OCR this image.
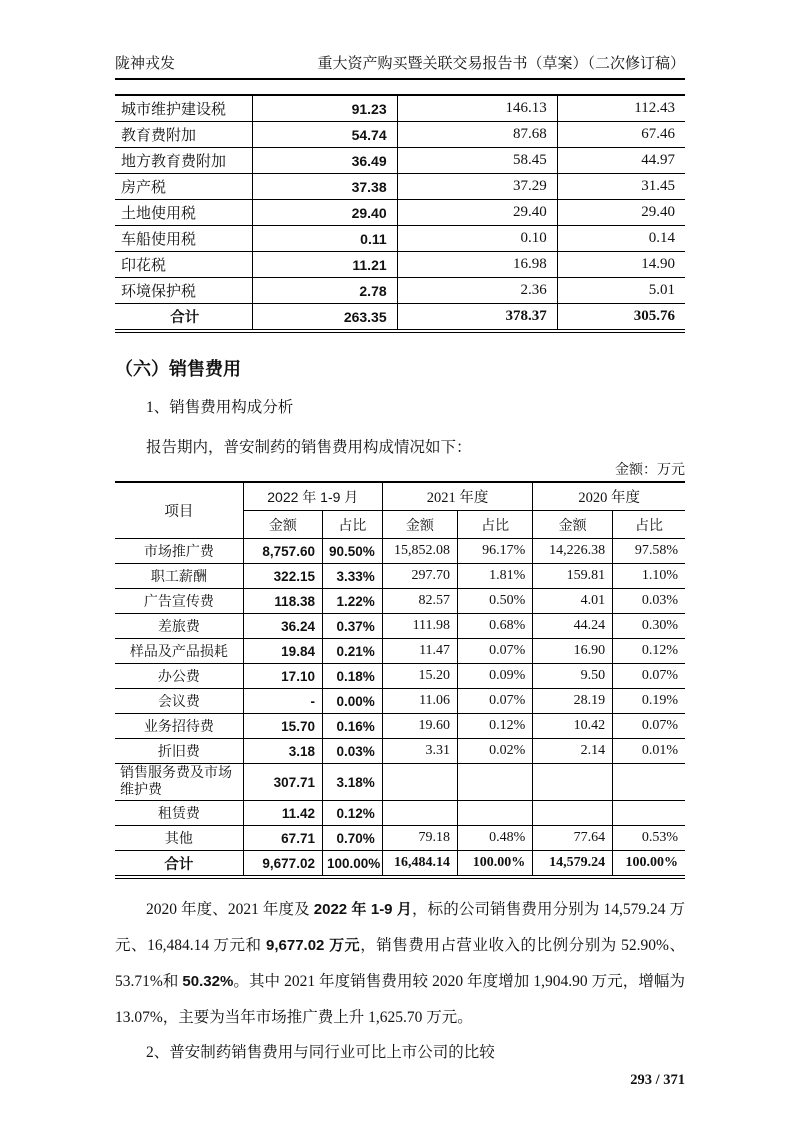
陇神戎发	重大资产购买暨关联交易报告书（草案）（二次修订稿）
城市维护建设税	91.23	146.13	112.43
教育费附加	54.74	87.68	67.46
地方教育费附加	36.49	58.45	44.97
房产税	37.38	37.29	31.45
土地使用税	29.40	29.40	29.40
车船使用税	0.11	0.10	0.14
印花税	11.21	16.98	14.90
环境保护税	2.78	2.36	5.01
合计	263.35	378.37	305.76
（六）销售费用

1、销售费用构成分析

报告期内，普安制药的销售费用构成情况如下：

金额：万元
项目	2022 年 1-9 月		2021 年度		2020 年度	
	金额	占比	金额	占比	金额	占比
市场推广费	8,757.60	90.50%	15,852.08	96.17%	14,226.38	97.58%
职工薪酬	322.15	3.33%	297.70	1.81%	159.81	1.10%
广告宣传费	118.38	1.22%	82.57	0.50%	4.01	0.03%
差旅费	36.24	0.37%	111.98	0.68%	44.24	0.30%
样品及产品损耗	19.84	0.21%	11.47	0.07%	16.90	0.12%
办公费	17.10	0.18%	15.20	0.09%	9.50	0.07%
会议费	-	0.00%	11.06	0.07%	28.19	0.19%
业务招待费	15.70	0.16%	19.60	0.12%	10.42	0.07%
折旧费	3.18	0.03%	3.31	0.02%	2.14	0.01%
销售服务费及市场维护费	307.71	3.18%				
租赁费	11.42	0.12%				
其他	67.71	0.70%	79.18	0.48%	77.64	0.53%
合计	9,677.02	100.00%	16,484.14	100.00%	14,579.24	100.00%

2020 年度、2021 年度及 2022 年 1-9 月，标的公司销售费用分别为 14,579.24 万元、16,484.14 万元和 9,677.02 万元，销售费用占营业收入的比例分别为 52.90%、53.71%和 50.32%。其中 2021 年度销售费用较 2020 年度增加 1,904.90 万元，增幅为 13.07%，主要为当年市场推广费上升 1,625.70 万元。

2、普安制药销售费用与同行业可比上市公司的比较

293 / 371
